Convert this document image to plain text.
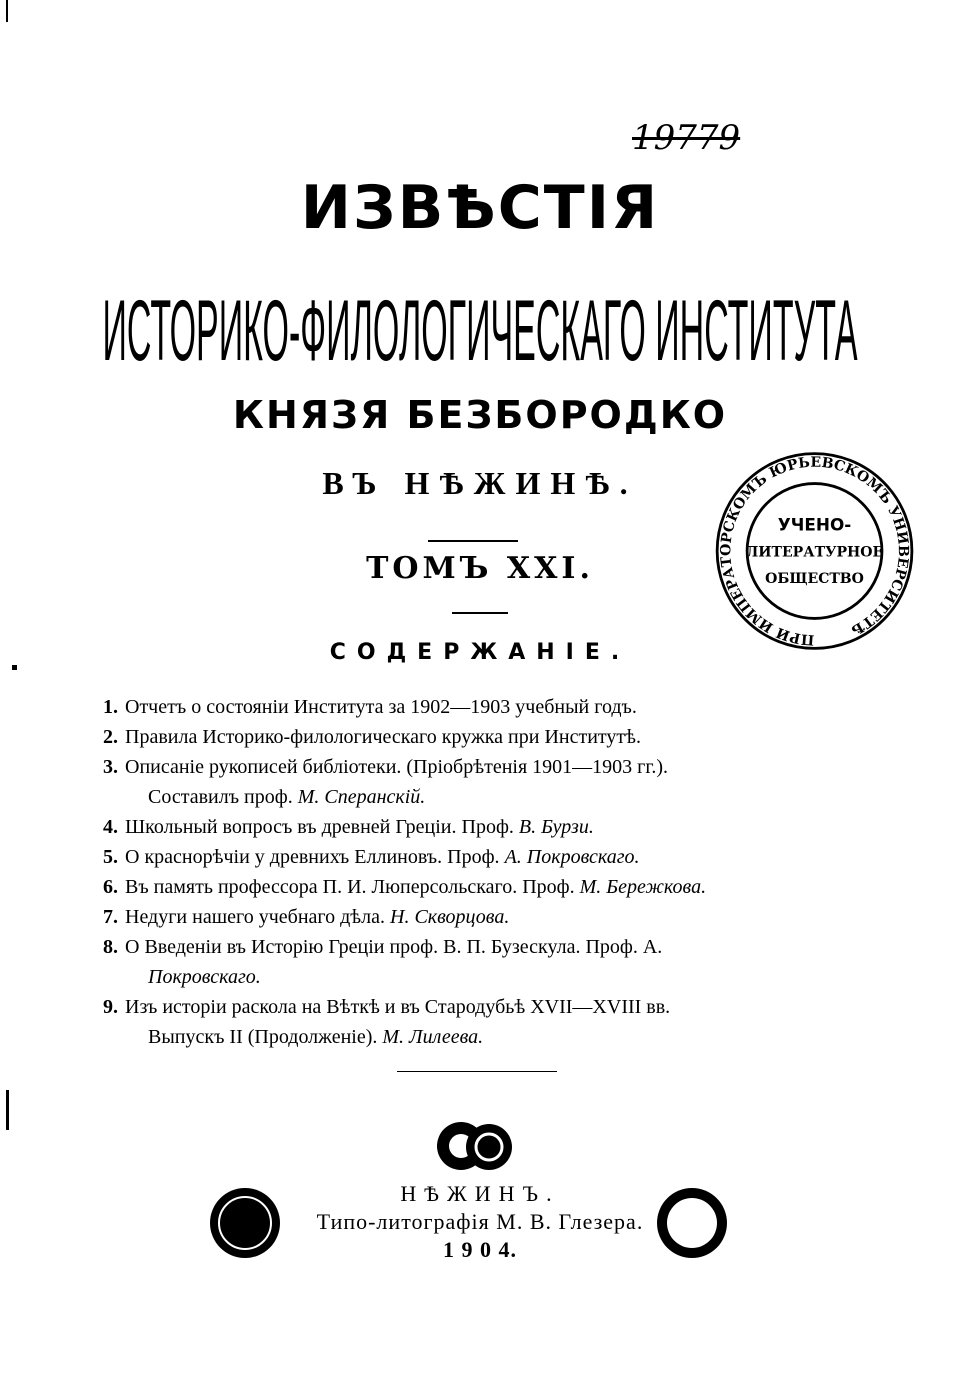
19779
ИЗВѢСТІЯ
ИСТОРИКО-ФИЛОЛОГИЧЕСКАГО ИНСТИТУТА
КНЯЗЯ БЕЗБОРОДКО
ВЪ НѢЖИНѢ.
ТОМЪ XXI.
ПРИ ИМПЕРАТОРСКОМЪ ЮРЬЕВСКОМЪ УНИВЕРСИТЕТѢ
УЧЕНО-
ЛИТЕРАТУРНОЕ
ОБЩЕСТВО
СОДЕРЖАНІЕ.
1. Отчетъ о состояніи Института за 1902—1903 учебный годъ.
2. Правила Историко-филологическаго кружка при Институтѣ.
3. Описаніе рукописей библіотеки. (Пріобрѣтенія 1901—1903 гг.).
Составилъ проф. М. Сперанскій.
4. Школьный вопросъ въ древней Греціи. Проф. В. Бурзи.
5. О краснорѣчіи у древнихъ Еллиновъ. Проф. А. Покровскаго.
6. Въ память профессора П. И. Люперсольскаго. Проф. М. Бережкова.
7. Недуги нашего учебнаго дѣла. Н. Скворцова.
8. О Введеніи въ Исторію Греціи проф. В. П. Бузескула. Проф. А.
Покровскаго.
9. Изъ исторіи раскола на Вѣткѣ и въ Стародубьѣ XVII—XVIII вв.
Выпускъ II (Продолженіе). М. Лилеева.
НѢЖИНЪ.
Типо-литографія М. В. Глезера.
1 9 0 4.
